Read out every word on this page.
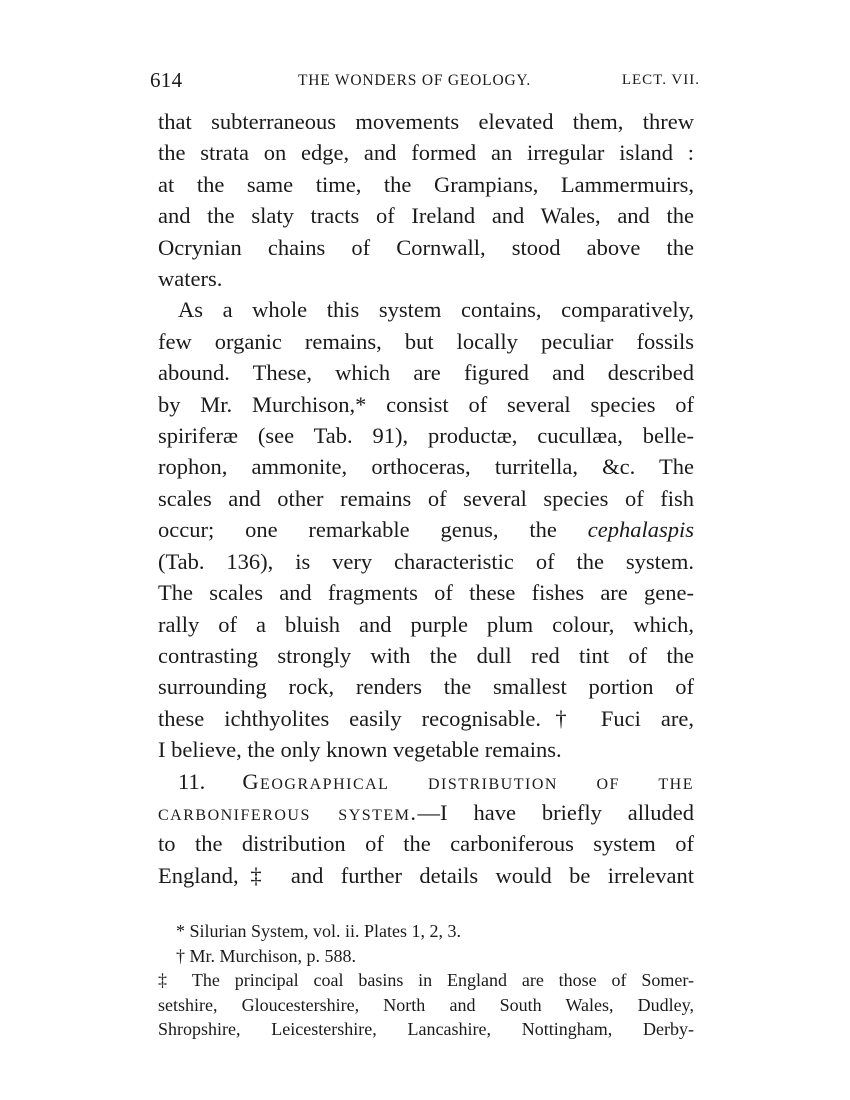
614	THE WONDERS OF GEOLOGY.	LECT. VII.
that subterraneous movements elevated them, threw
the strata on edge, and formed an irregular island :
at the same time, the Grampians, Lammermuirs,
and the slaty tracts of Ireland and Wales, and the
Ocrynian chains of Cornwall, stood above the
waters.
As a whole this system contains, comparatively,
few organic remains, but locally peculiar fossils
abound. These, which are figured and described
by Mr. Murchison,* consist of several species of
spiriferæ (see Tab. 91), productæ, cucullæa, belle-
rophon, ammonite, orthoceras, turritella, &c. The
scales and other remains of several species of fish
occur; one remarkable genus, the cephalaspis
(Tab. 136), is very characteristic of the system.
The scales and fragments of these fishes are gene-
rally of a bluish and purple plum colour, which,
contrasting strongly with the dull red tint of the
surrounding rock, renders the smallest portion of
these ichthyolites easily recognisable.† Fuci are,
I believe, the only known vegetable remains.
11. Geographical distribution of the
carboniferous system.—I have briefly alluded
to the distribution of the carboniferous system of
England,‡ and further details would be irrelevant
* Silurian System, vol. ii. Plates 1, 2, 3.
† Mr. Murchison, p. 588.
‡ The principal coal basins in England are those of Somer-
setshire, Gloucestershire, North and South Wales, Dudley,
Shropshire, Leicestershire, Lancashire, Nottingham, Derby-
